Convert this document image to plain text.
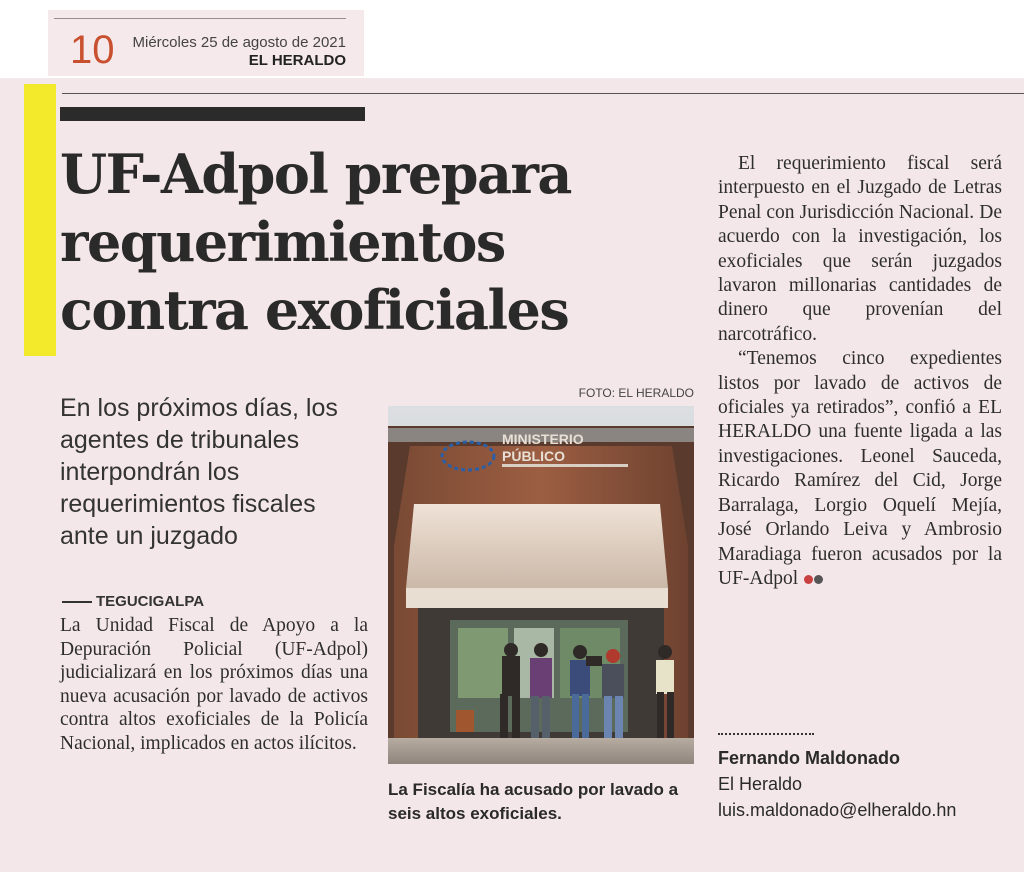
10	Miércoles 25 de agosto de 2021
EL HERALDO
UF-Adpol prepara requerimientos contra exoficiales

En los próximos días, los agentes de tribunales interpondrán los requerimientos fiscales ante un juzgado

TEGUCIGALPA

La Unidad Fiscal de Apoyo a la Depuración Policial (UF-Adpol) judicializará en los próximos días una nueva acusación por lavado de activos contra altos exoficiales de la Policía Nacional, implicados en actos ilícitos.

FOTO: EL HERALDO
MINISTERIO
PÚBLICO

La Fiscalía ha acusado por lavado a seis altos exoficiales.

El requerimiento fiscal será interpuesto en el Juzgado de Letras Penal con Jurisdicción Nacional. De acuerdo con la investigación, los exoficiales que serán juzgados lavaron millonarias cantidades de dinero que provenían del narcotráfico.

“Tenemos cinco expedientes listos por lavado de activos de oficiales ya retirados”, confió a EL HERALDO una fuente ligada a las investigaciones. Leonel Sauceda, Ricardo Ramírez del Cid, Jorge Barralaga, Lorgio Oquelí Mejía, José Orlando Leiva y Ambrosio Maradiaga fueron acusados por la UF-Adpol

Fernando Maldonado
El Heraldo
luis.maldonado@elheraldo.hn
